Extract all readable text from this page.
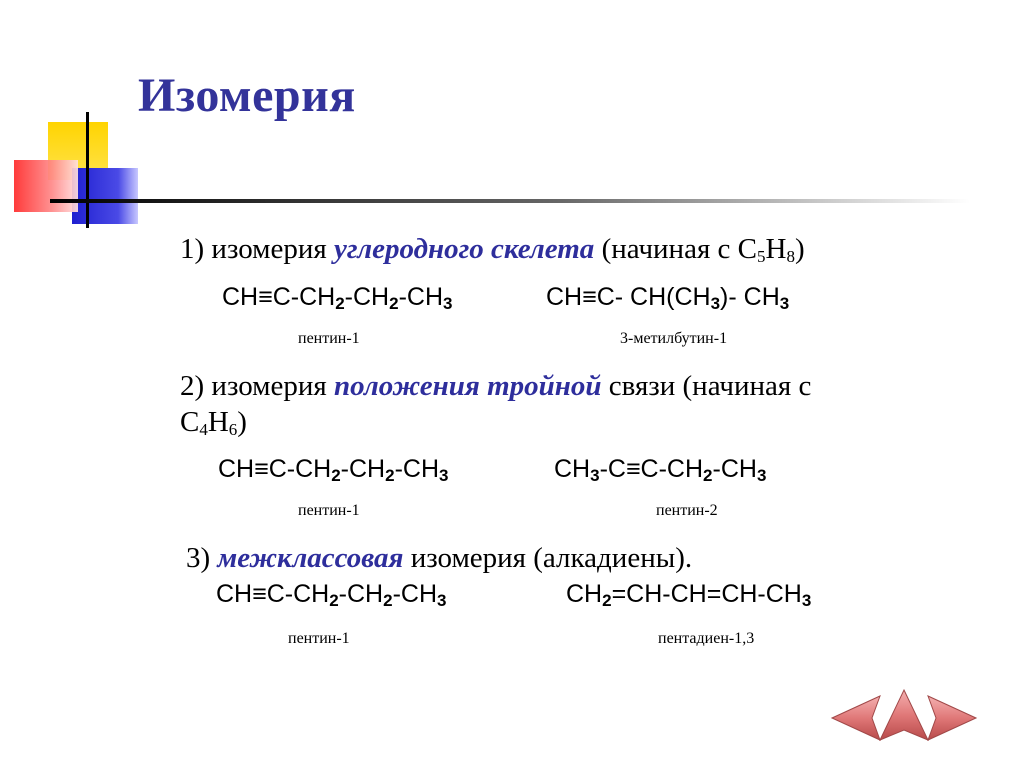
Изомерия
1) изомерия углеродного скелета (начиная с C5H8)
CH≡C-CH2-CH2-CH3	CH≡C- CH(CH3)- CH3
пентин-1	3-метилбутин-1
2) изомерия положения тройной связи (начиная с
C4H6)
CH≡C-CH2-CH2-CH3	CH3-C≡C-CH2-CH3
пентин-1	пентин-2
3) межклассовая изомерия (алкадиены).
CH≡C-CH2-CH2-CH3	CH2=CH-CH=CH-CH3
пентин-1	пентадиен-1,3
